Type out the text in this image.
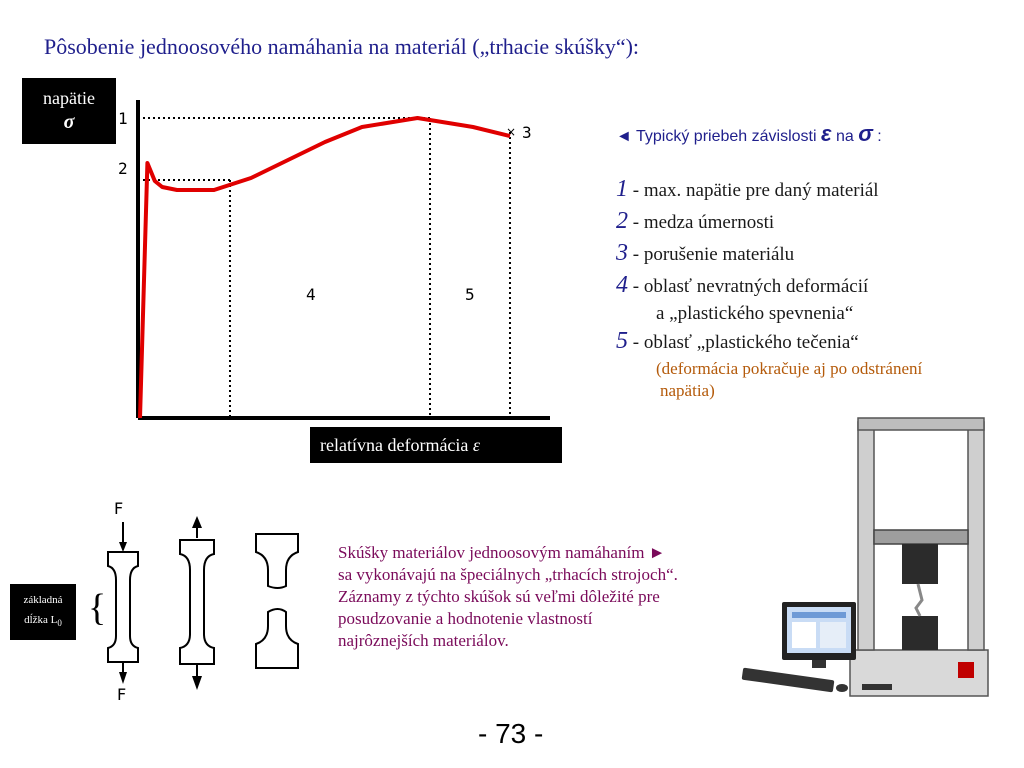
Pôsobenie jednoosového namáhania na materiál („trhacie skúšky“):
1
2
× 3
4	5
napätie
σ
relatívna deformácia ε
◄ Typický priebeh závislosti ε na σ :
1 - max. napätie pre daný materiál
2 - medza úmernosti
3 - porušenie materiálu
4 - oblasť nevratných deformácií
a „plastického spevnenia“
5 - oblasť „plastického tečenia“
(deformácia pokračuje aj po odstránení
napätia)
F
F
{
základná
dĺžka $L_0$
Skúšky materiálov jednoosovým namáhaním ►
sa vykonávajú na špeciálnych „trhacích strojoch“.
Záznamy z týchto skúšok sú veľmi dôležité pre
posudzovanie a hodnotenie vlastností
najrôznejších materiálov.
- 73 -
